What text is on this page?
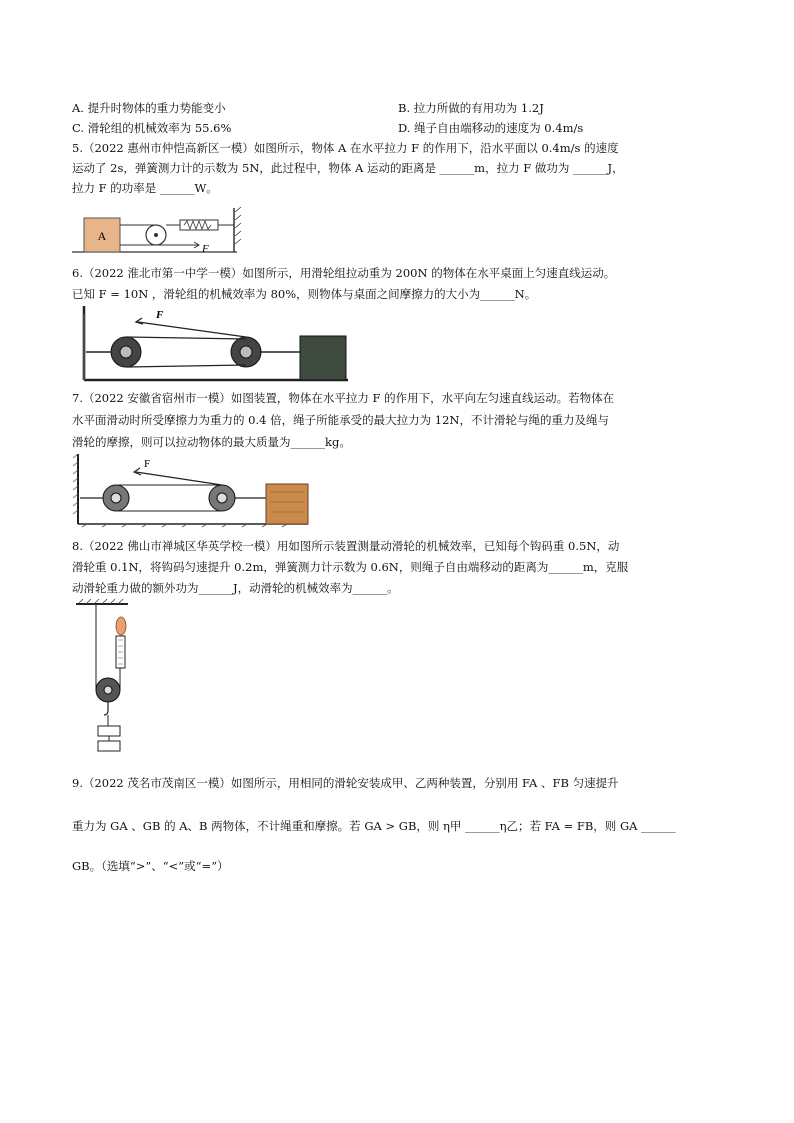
A. 提升时物体的重力势能变小	B. 拉力所做的有用功为 1.2J
C. 滑轮组的机械效率为 55.6%	D. 绳子自由端移动的速度为 0.4m/s
5.（2022 惠州市仲恺高新区一模）如图所示，物体 A 在水平拉力 F 的作用下，沿水平面以 0.4m/s 的速度
运动了 2s，弹簧测力计的示数为 5N，此过程中，物体 A 运动的距离是 ______m，拉力 F 做功为 ______J，
拉力 F 的功率是 ______W。
A
F
6.（2022 淮北市第一中学一模）如图所示，用滑轮组拉动重为 200N 的物体在水平桌面上匀速直线运动。
已知 F = 10N ，滑轮组的机械效率为 80%，则物体与桌面之间摩擦力的大小为______N。
F
7.（2022 安徽省宿州市一模）如图装置，物体在水平拉力 F 的作用下，水平向左匀速直线运动。若物体在
水平面滑动时所受摩擦力为重力的 0.4 倍，绳子所能承受的最大拉力为 12N，不计滑轮与绳的重力及绳与
滑轮的摩擦，则可以拉动物体的最大质量为______kg。
F
8.（2022 佛山市禅城区华英学校一模）用如图所示装置测量动滑轮的机械效率，已知每个钩码重 0.5N，动
滑轮重 0.1N，将钩码匀速提升 0.2m，弹簧测力计示数为 0.6N，则绳子自由端移动的距离为______m，克服
动滑轮重力做的额外功为______J，动滑轮的机械效率为______。
9.（2022 茂名市茂南区一模）如图所示，用相同的滑轮安装成甲、乙两种装置，分别用 FA 、FB 匀速提升
重力为 GA 、GB 的 A、B 两物体，不计绳重和摩擦。若 GA > GB，则 η甲 ______η乙；若 FA = FB，则 GA ______
GB。（选填“>”、“<”或“=”）
